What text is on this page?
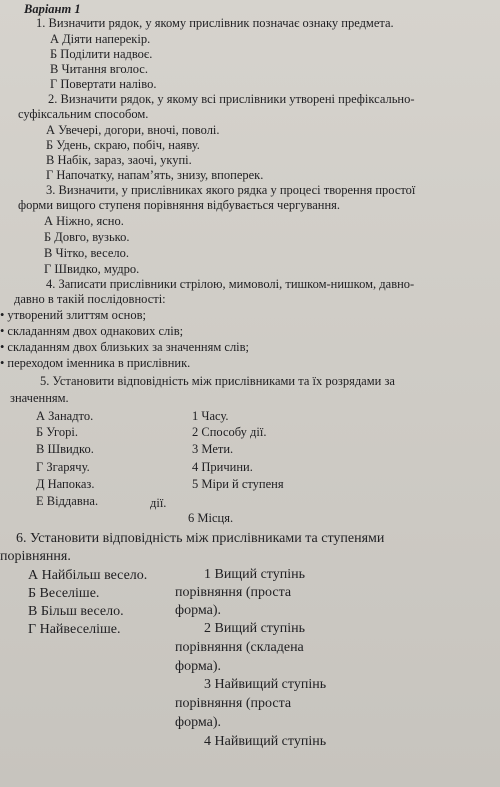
Варіант 1
1. Визначити рядок, у якому прислівник позначає ознаку предмета.
А Діяти наперекір.
Б Поділити надвоє.
В Читання вголос.
Г Повертати наліво.
2. Визначити рядок, у якому всі прислівники утворені префіксально-
суфіксальним способом.
А Увечері, догори, вночі, поволі.
Б Удень, скраю, побіч, наяву.
В Набік, зараз, заочі, укупі.
Г Напочатку, напам’ять, знизу, впоперек.
3. Визначити, у прислівниках якого рядка у процесі творення простої
форми вищого ступеня порівняння відбувається чергування.
А Ніжно, ясно.
Б Довго, вузько.
В Чітко, весело.
Г Швидко, мудро.
4. Записати прислівники стрілою, мимоволі, тишком-нишком, давно-
давно в такій послідовності:
• утворений злиттям основ;
• складанням двох однакових слів;
• складанням двох близьких за значенням слів;
• переходом іменника в прислівник.
5. Установити відповідність між прислівниками та їх розрядами за
значенням.
А Занадто.
Б Угорі.
В Швидко.
Г Згарячу.
Д Напоказ.
Е Віддавна.
1 Часу.
2 Способу дії.
3 Мети.
4 Причини.
5 Міри й ступеня
дії.
6 Місця.
6. Установити відповідність між прислівниками та ступенями
порівняння.
А Найбільш весело.
Б Веселіше.
В Більш весело.
Г Найвеселіше.
1 Вищий ступінь
порівняння (проста
форма).
2 Вищий ступінь
порівняння (складена
форма).
3 Найвищий ступінь
порівняння (проста
форма).
4 Найвищий ступінь
